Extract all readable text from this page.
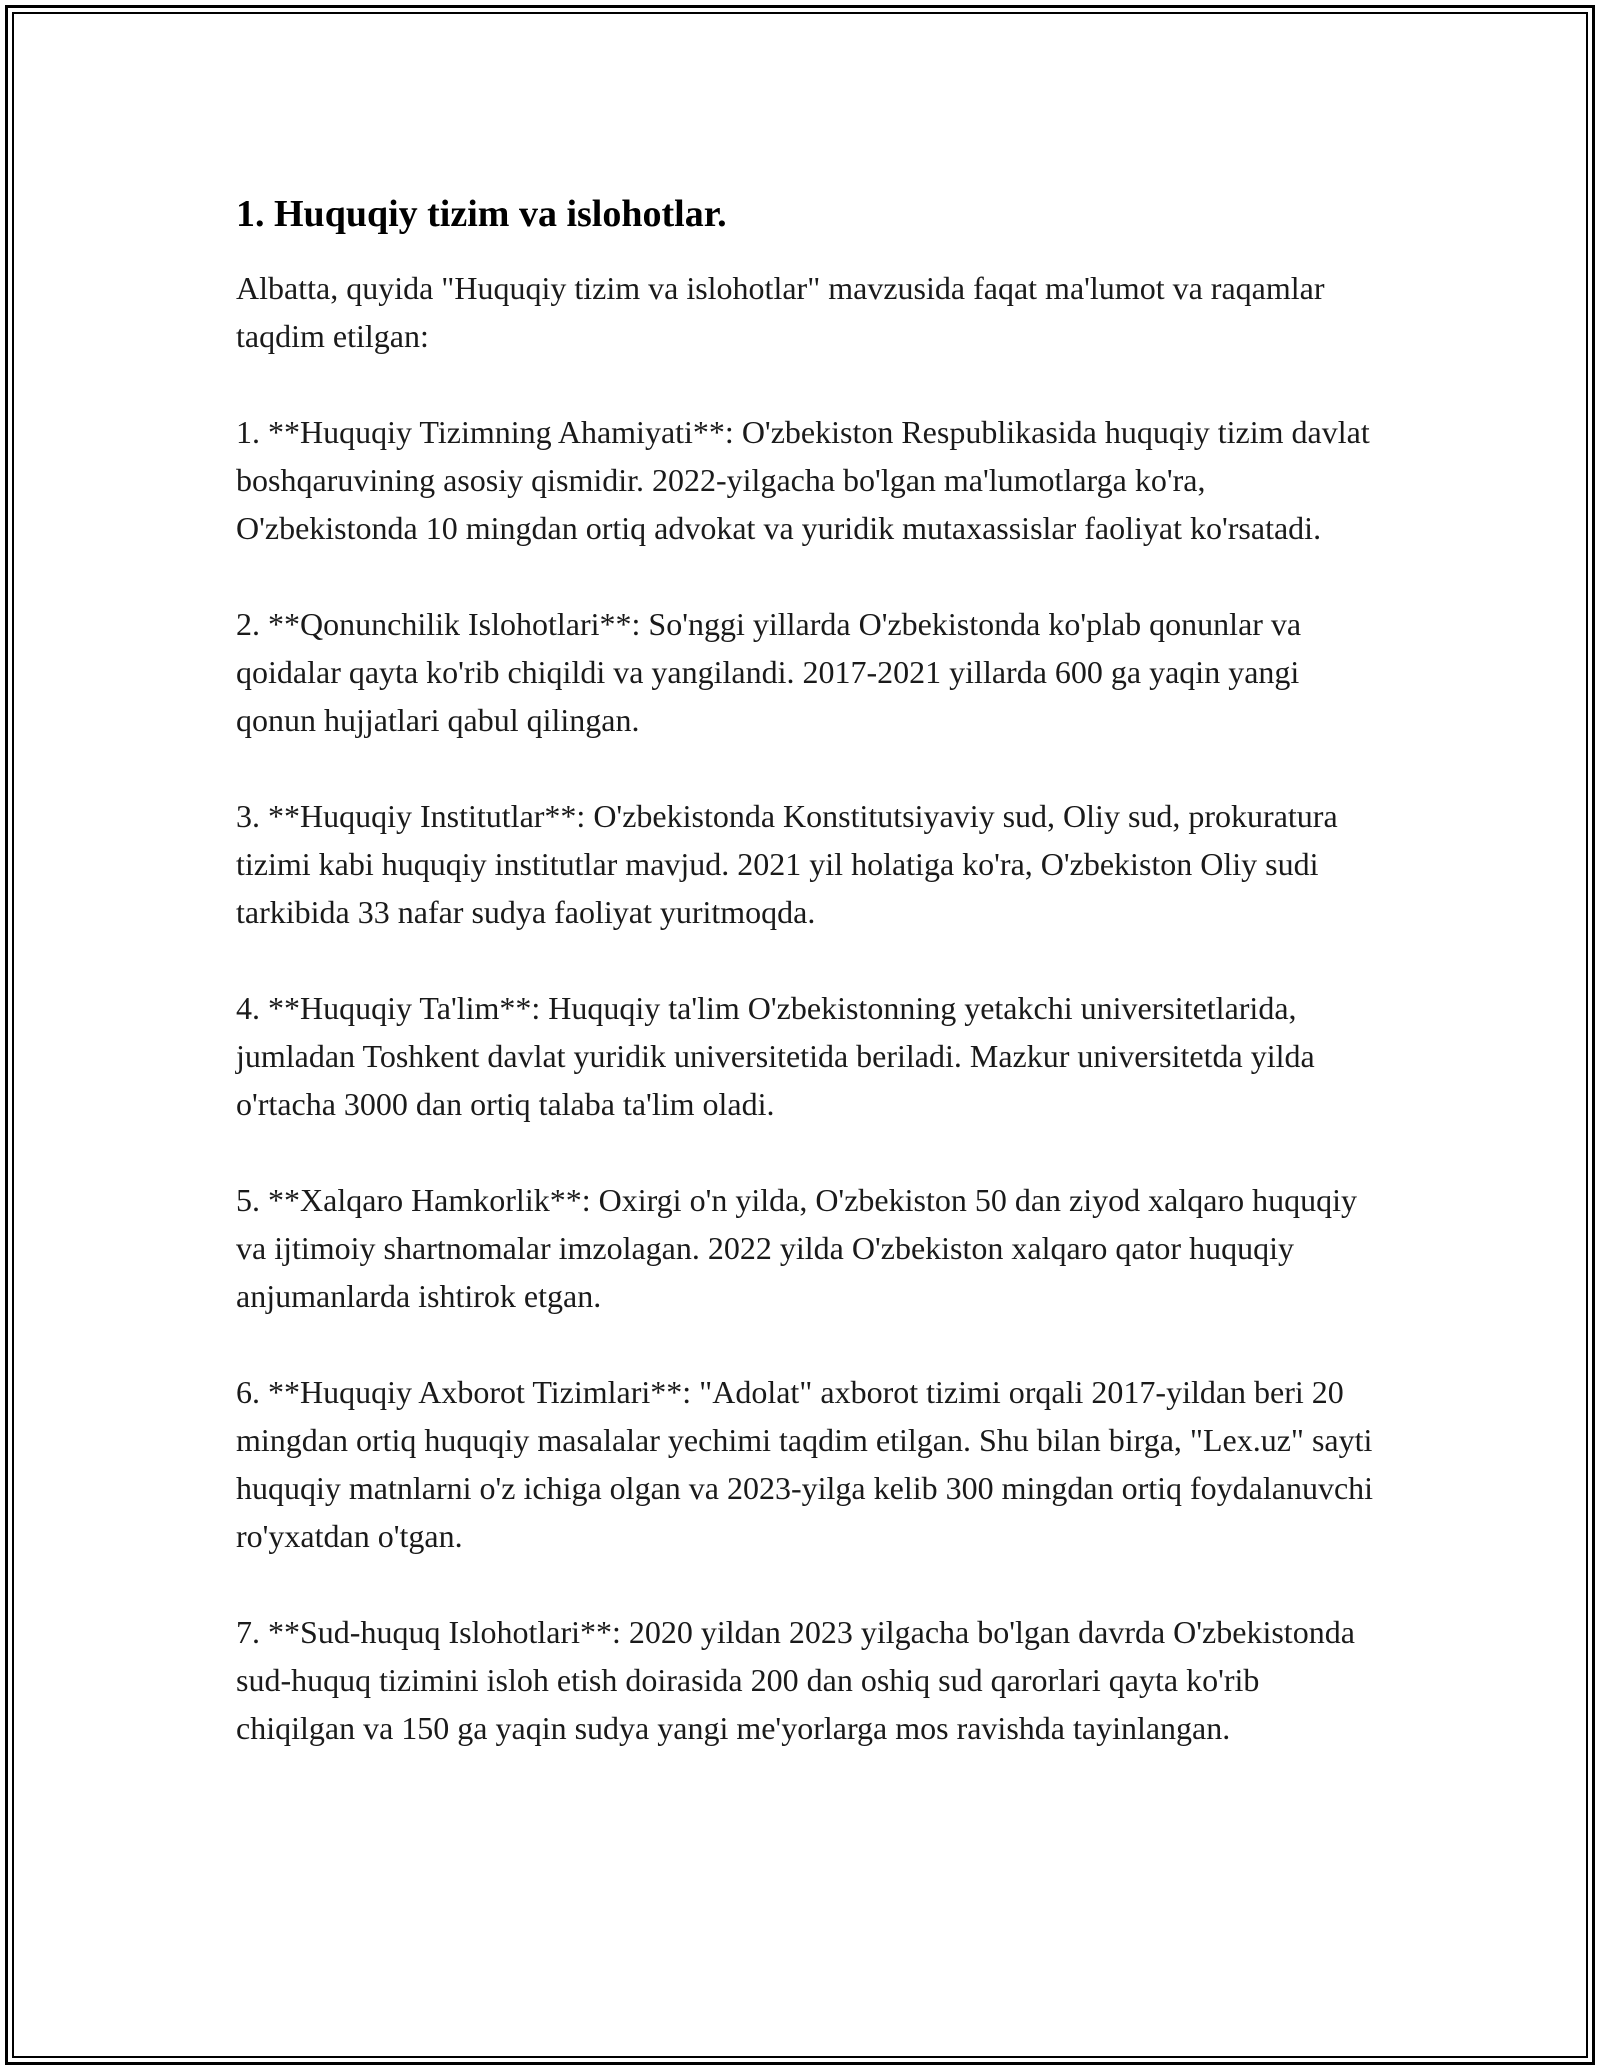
1. Huquqiy tizim va islohotlar.

Albatta, quyida "Huquqiy tizim va islohotlar" mavzusida faqat ma'lumot va raqamlar taqdim etilgan:

1. **Huquqiy Tizimning Ahamiyati**: O'zbekiston Respublikasida huquqiy tizim davlat boshqaruvining asosiy qismidir. 2022-yilgacha bo'lgan ma'lumotlarga ko'ra, O'zbekistonda 10 mingdan ortiq advokat va yuridik mutaxassislar faoliyat ko'rsatadi.

2. **Qonunchilik Islohotlari**: So'nggi yillarda O'zbekistonda ko'plab qonunlar va qoidalar qayta ko'rib chiqildi va yangilandi. 2017-2021 yillarda 600 ga yaqin yangi qonun hujjatlari qabul qilingan.

3. **Huquqiy Institutlar**: O'zbekistonda Konstitutsiyaviy sud, Oliy sud, prokuratura tizimi kabi huquqiy institutlar mavjud. 2021 yil holatiga ko'ra, O'zbekiston Oliy sudi tarkibida 33 nafar sudya faoliyat yuritmoqda.

4. **Huquqiy Ta'lim**: Huquqiy ta'lim O'zbekistonning yetakchi universitetlarida, jumladan Toshkent davlat yuridik universitetida beriladi. Mazkur universitetda yilda o'rtacha 3000 dan ortiq talaba ta'lim oladi.

5. **Xalqaro Hamkorlik**: Oxirgi o'n yilda, O'zbekiston 50 dan ziyod xalqaro huquqiy va ijtimoiy shartnomalar imzolagan. 2022 yilda O'zbekiston xalqaro qator huquqiy anjumanlarda ishtirok etgan.

6. **Huquqiy Axborot Tizimlari**: "Adolat" axborot tizimi orqali 2017-yildan beri 20 mingdan ortiq huquqiy masalalar yechimi taqdim etilgan. Shu bilan birga, "Lex.uz" sayti huquqiy matnlarni o'z ichiga olgan va 2023-yilga kelib 300 mingdan ortiq foydalanuvchi ro'yxatdan o'tgan.

7. **Sud-huquq Islohotlari**: 2020 yildan 2023 yilgacha bo'lgan davrda O'zbekistonda sud-huquq tizimini isloh etish doirasida 200 dan oshiq sud qarorlari qayta ko'rib chiqilgan va 150 ga yaqin sudya yangi me'yorlarga mos ravishda tayinlangan.
